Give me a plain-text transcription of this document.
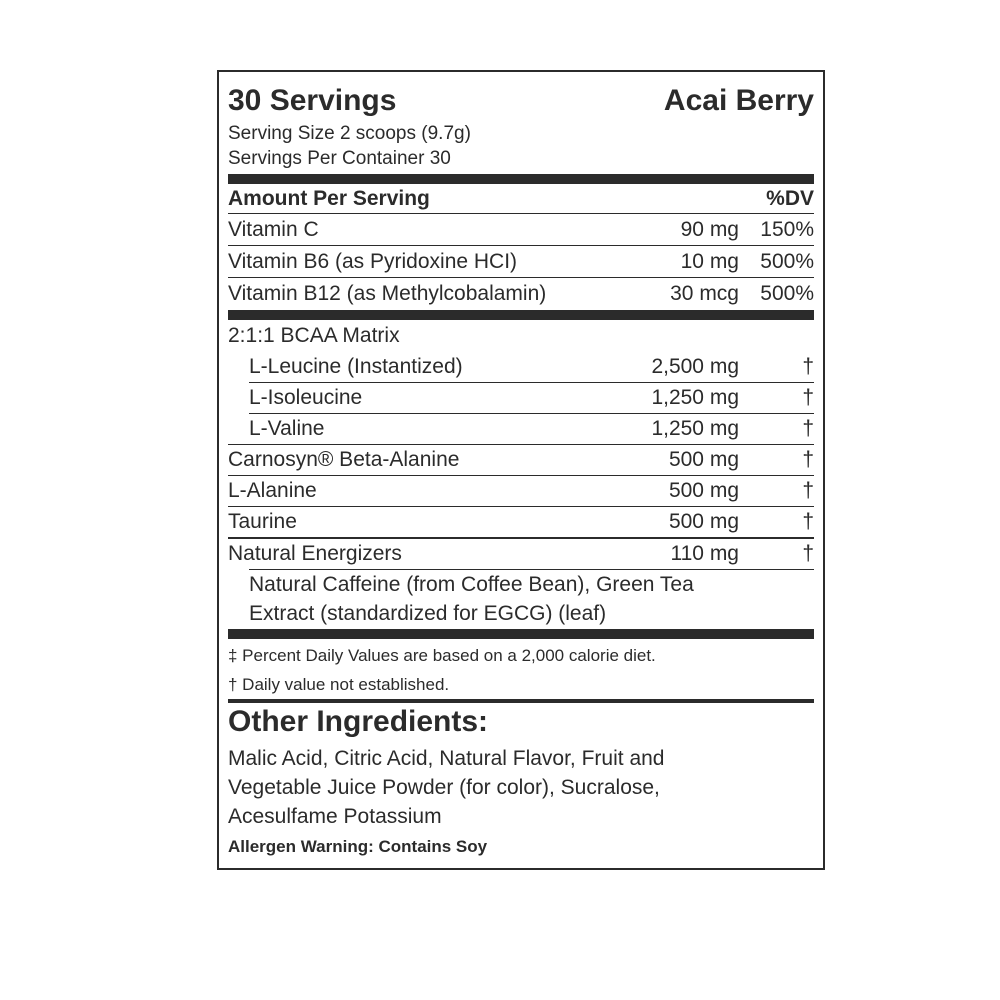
30 Servings	Acai Berry
Serving Size 2 scoops (9.7g)
Servings Per Container 30
Amount Per Serving	%DV
Vitamin C	90 mg 150%
Vitamin B6 (as Pyridoxine HCI)	10 mg 500%
Vitamin B12 (as Methylcobalamin)	30 mcg 500%
2:1:1 BCAA Matrix
L-Leucine (Instantized)	2,500 mg	†
L-Isoleucine	1,250 mg	†
L-Valine	1,250 mg	†
Carnosyn® Beta-Alanine	500 mg	†
L-Alanine	500 mg	†
Taurine	500 mg	†
Natural Energizers	110 mg	†
Natural Caffeine (from Coffee Bean), Green Tea
Extract (standardized for EGCG) (leaf)
‡ Percent Daily Values are based on a 2,000 calorie diet.
† Daily value not established.
Other Ingredients:
Malic Acid, Citric Acid, Natural Flavor, Fruit and
Vegetable Juice Powder (for color), Sucralose,
Acesulfame Potassium
Allergen Warning: Contains Soy
